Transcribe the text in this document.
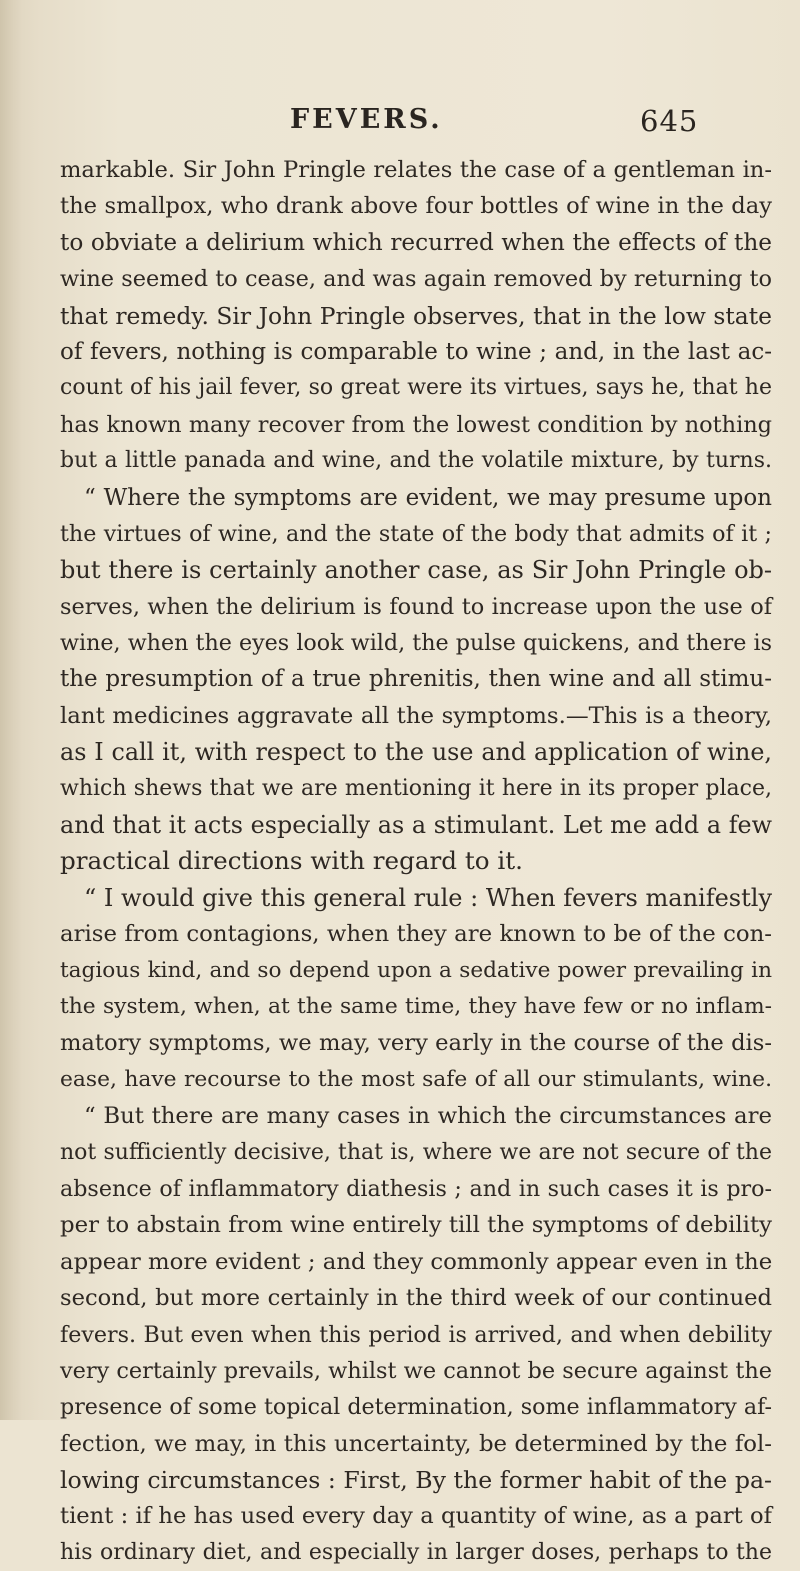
FEVERS.	645
markable. Sir John Pringle relates the case of a gentleman in-
the smallpox, who drank above four bottles of wine in the day
to obviate a delirium which recurred when the effects of the
wine seemed to cease, and was again removed by returning to
that remedy. Sir John Pringle observes, that in the low state
of fevers, nothing is comparable to wine ; and, in the last ac-
count of his jail fever, so great were its virtues, says he, that he
has known many recover from the lowest condition by nothing
but a little panada and wine, and the volatile mixture, by turns.
“ Where the symptoms are evident, we may presume upon
the virtues of wine, and the state of the body that admits of it ;
but there is certainly another case, as Sir John Pringle ob-
serves, when the delirium is found to increase upon the use of
wine, when the eyes look wild, the pulse quickens, and there is
the presumption of a true phrenitis, then wine and all stimu-
lant medicines aggravate all the symptoms.—This is a theory,
as I call it, with respect to the use and application of wine,
which shews that we are mentioning it here in its proper place,
and that it acts especially as a stimulant. Let me add a few
practical directions with regard to it.
“ I would give this general rule : When fevers manifestly
arise from contagions, when they are known to be of the con-
tagious kind, and so depend upon a sedative power prevailing in
the system, when, at the same time, they have few or no inflam-
matory symptoms, we may, very early in the course of the dis-
ease, have recourse to the most safe of all our stimulants, wine.
“ But there are many cases in which the circumstances are
not sufficiently decisive, that is, where we are not secure of the
absence of inflammatory diathesis ; and in such cases it is pro-
per to abstain from wine entirely till the symptoms of debility
appear more evident ; and they commonly appear even in the
second, but more certainly in the third week of our continued
fevers. But even when this period is arrived, and when debility
very certainly prevails, whilst we cannot be secure against the
presence of some topical determination, some inflammatory af-
fection, we may, in this uncertainty, be determined by the fol-
lowing circumstances : First, By the former habit of the pa-
tient : if he has used every day a quantity of wine, as a part of
his ordinary diet, and especially in larger doses, perhaps to the
